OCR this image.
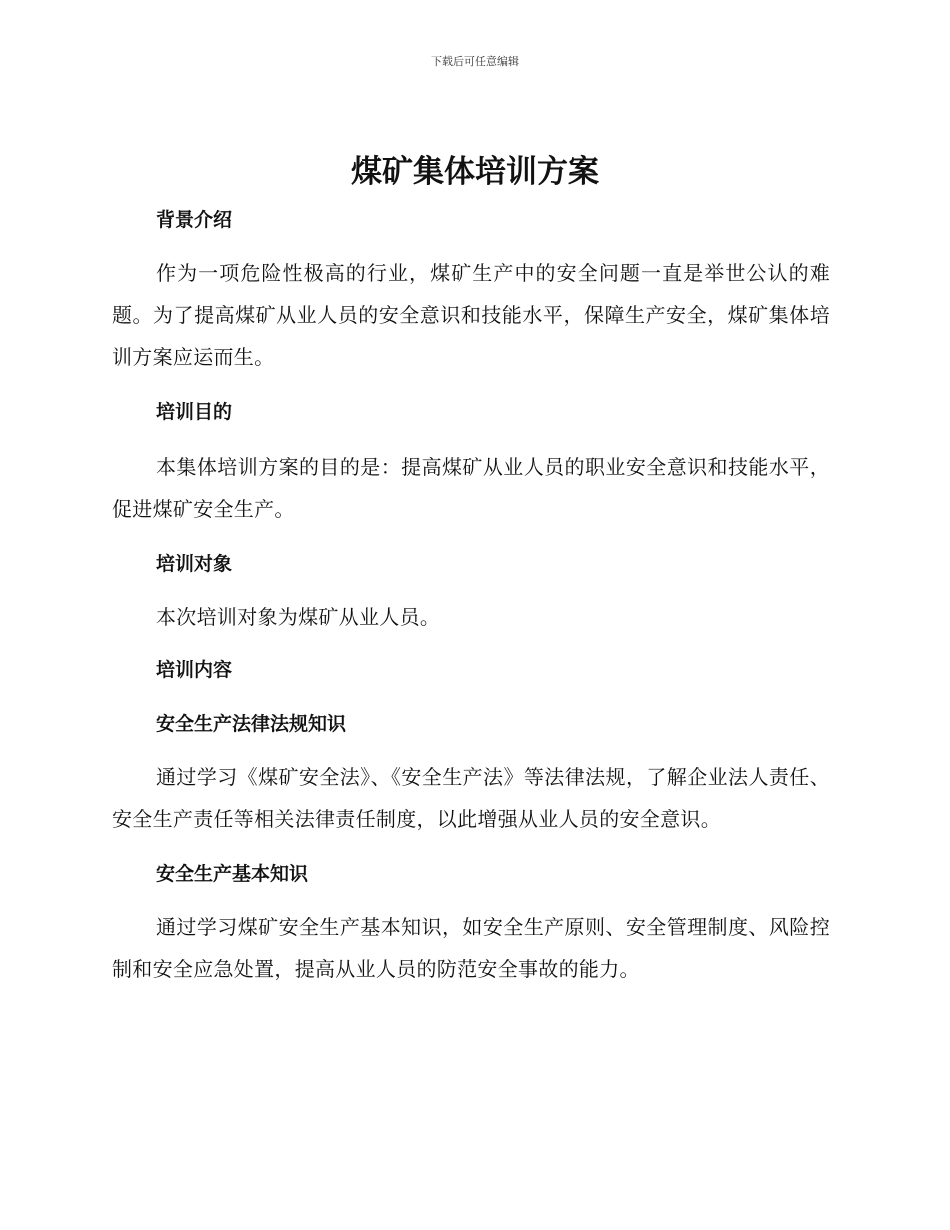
下载后可任意编辑
煤矿集体培训方案
背景介绍

作为一项危险性极高的行业，煤矿生产中的安全问题一直是举世公认的难题。为了提高煤矿从业人员的安全意识和技能水平，保障生产安全，煤矿集体培训方案应运而生。

培训目的

本集体培训方案的目的是：提高煤矿从业人员的职业安全意识和技能水平，促进煤矿安全生产。

培训对象

本次培训对象为煤矿从业人员。

培训内容
安全生产法律法规知识

通过学习《煤矿安全法》、《安全生产法》等法律法规，了解企业法人责任、安全生产责任等相关法律责任制度，以此增强从业人员的安全意识。

安全生产基本知识

通过学习煤矿安全生产基本知识，如安全生产原则、安全管理制度、风险控制和安全应急处置，提高从业人员的防范安全事故的能力。
